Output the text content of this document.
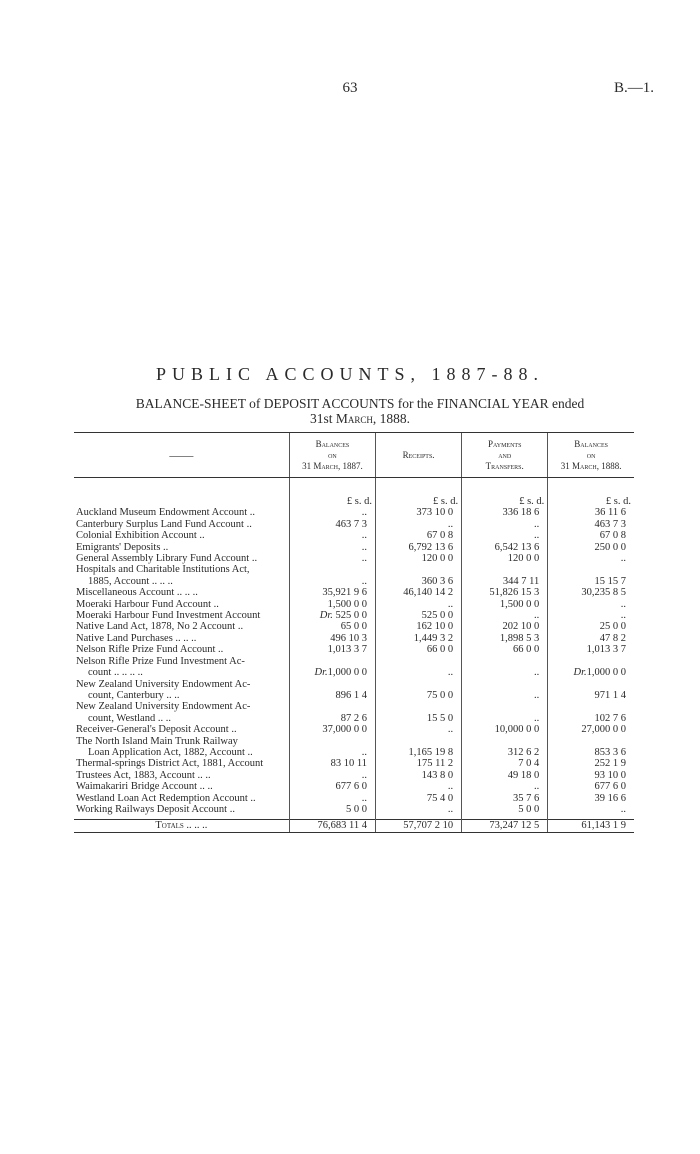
63	B.—1.
PUBLIC ACCOUNTS, 1887-88.
BALANCE-SHEET of DEPOSIT ACCOUNTS for the FINANCIAL YEAR ended
31st March, 1888.
——	Balances
on
31 March, 1887.	Receipts.	Payments
and
Transfers.	Balances
on
31 March, 1888.
	£ s. d.	£ s. d.	£ s. d.	£ s. d.
Auckland Museum Endowment Account ..	..	373 10 0	336 18 6	36 11 6
Canterbury Surplus Land Fund Account ..	463 7 3	..	..	463 7 3
Colonial Exhibition Account ..	..	67 0 8	..	67 0 8
Emigrants' Deposits ..	..	6,792 13 6	6,542 13 6	250 0 0
General Assembly Library Fund Account ..	..	120 0 0	120 0 0	..
Hospitals and Charitable Institutions Act,
1885, Account .. .. ..	..	360 3 6	344 7 11	15 15 7
Miscellaneous Account .. .. ..	35,921 9 6	46,140 14 2	51,826 15 3	30,235 8 5
Moeraki Harbour Fund Account ..	1,500 0 0	..	1,500 0 0	..
Moeraki Harbour Fund Investment Account	Dr. 525 0 0	525 0 0	..	..
Native Land Act, 1878, No 2 Account ..	65 0 0	162 10 0	202 10 0	25 0 0
Native Land Purchases .. .. ..	496 10 3	1,449 3 2	1,898 5 3	47 8 2
Nelson Rifle Prize Fund Account ..	1,013 3 7	66 0 0	66 0 0	1,013 3 7
Nelson Rifle Prize Fund Investment Ac-
count .. .. .. ..	Dr.1,000 0 0	..	..	Dr.1,000 0 0
New Zealand University Endowment Ac-
count, Canterbury .. ..	896 1 4	75 0 0	..	971 1 4
New Zealand University Endowment Ac-
count, Westland .. ..	87 2 6	15 5 0	..	102 7 6
Receiver-General's Deposit Account ..	37,000 0 0	..	10,000 0 0	27,000 0 0
The North Island Main Trunk Railway
Loan Application Act, 1882, Account ..	..	1,165 19 8	312 6 2	853 3 6
Thermal-springs District Act, 1881, Account	83 10 11	175 11 2	7 0 4	252 1 9
Trustees Act, 1883, Account .. ..	..	143 8 0	49 18 0	93 10 0
Waimakariri Bridge Account .. ..	677 6 0	..	..	677 6 0
Westland Loan Act Redemption Account ..	..	75 4 0	35 7 6	39 16 6
Working Railways Deposit Account ..	5 0 0	..	5 0 0	..

Totals .. .. ..	76,683 11 4	57,707 2 10	73,247 12 5	61,143 1 9
